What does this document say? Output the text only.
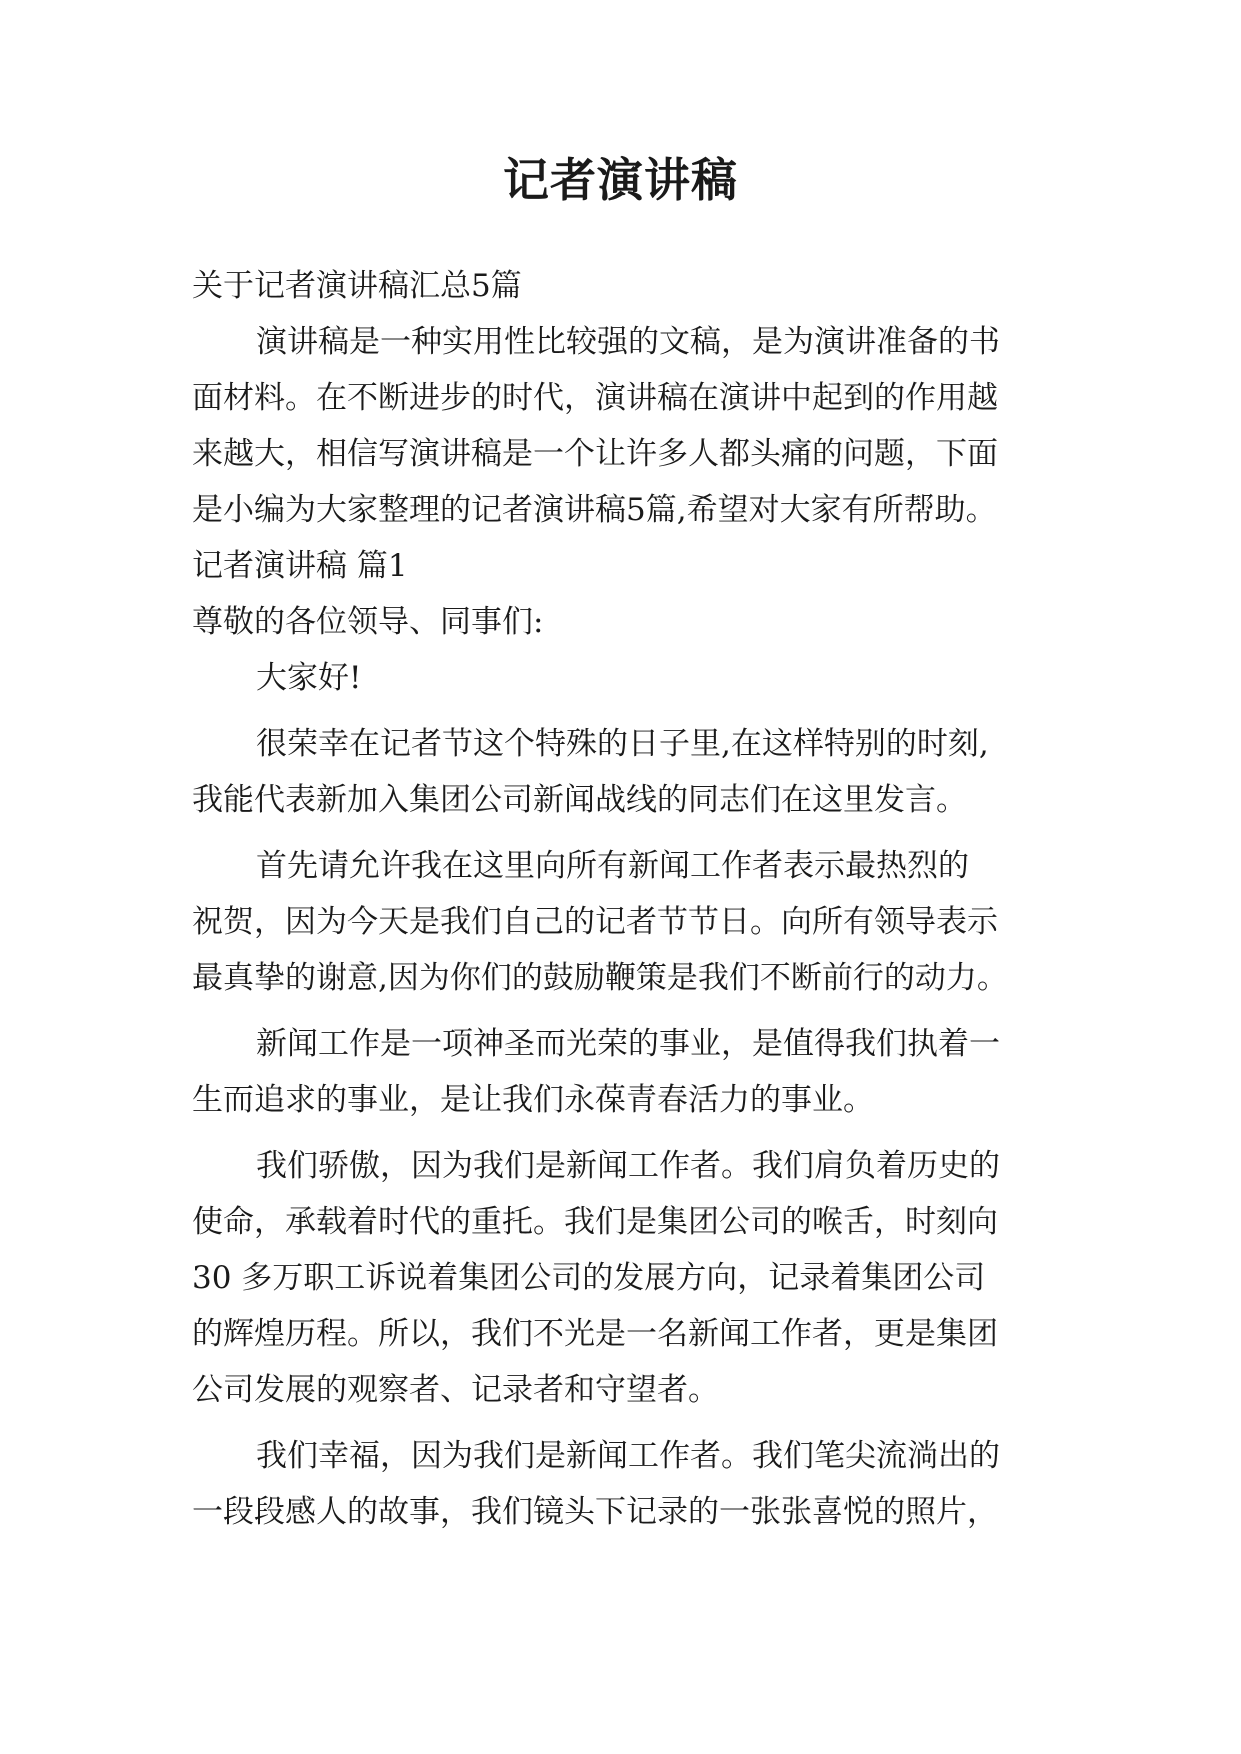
记者演讲稿
关于记者演讲稿汇总5篇
演讲稿是一种实用性比较强的文稿，是为演讲准备的书
面材料。在不断进步的时代，演讲稿在演讲中起到的作用越
来越大，相信写演讲稿是一个让许多人都头痛的问题，下面
是小编为大家整理的记者演讲稿5篇,希望对大家有所帮助。
记者演讲稿 篇1
尊敬的各位领导、同事们:
大家好!
很荣幸在记者节这个特殊的日子里,在这样特别的时刻,
我能代表新加入集团公司新闻战线的同志们在这里发言。
首先请允许我在这里向所有新闻工作者表示最热烈的
祝贺，因为今天是我们自己的记者节节日。向所有领导表示
最真挚的谢意,因为你们的鼓励鞭策是我们不断前行的动力。
新闻工作是一项神圣而光荣的事业，是值得我们执着一
生而追求的事业，是让我们永葆青春活力的事业。
我们骄傲，因为我们是新闻工作者。我们肩负着历史的
使命，承载着时代的重托。我们是集团公司的喉舌，时刻向
30 多万职工诉说着集团公司的发展方向，记录着集团公司
的辉煌历程。所以，我们不光是一名新闻工作者，更是集团
公司发展的观察者、记录者和守望者。
我们幸福，因为我们是新闻工作者。我们笔尖流淌出的
一段段感人的故事，我们镜头下记录的一张张喜悦的照片，
